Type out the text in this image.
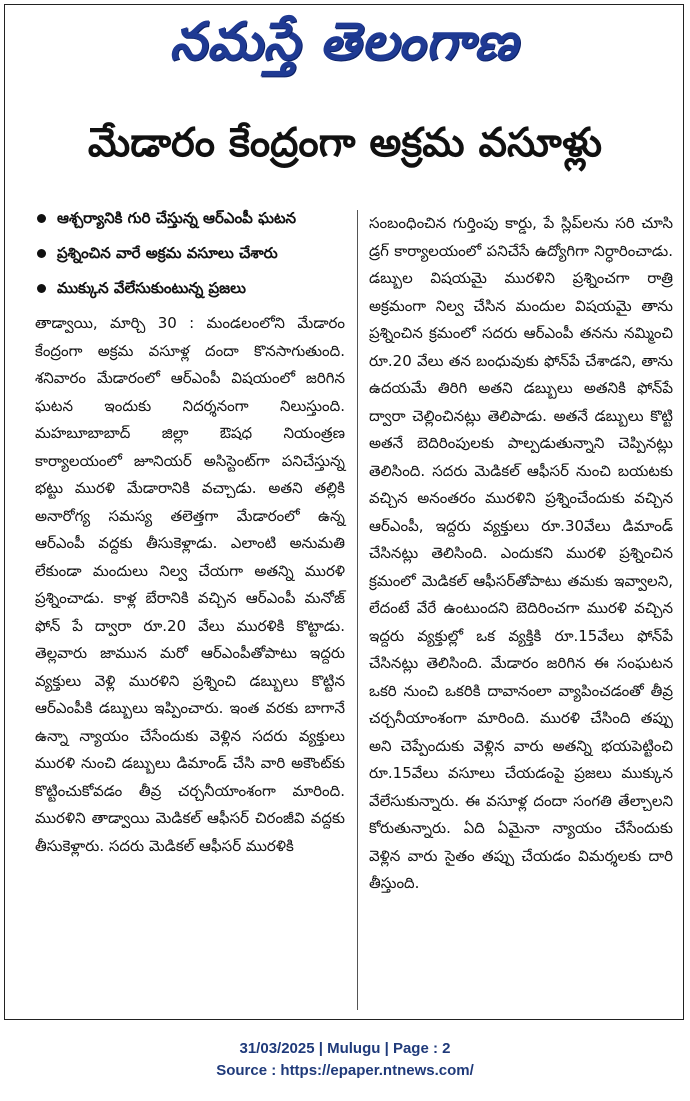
నమస్తే తెలంగాణ
మేడారం కేంద్రంగా అక్రమ వసూళ్లు
ఆశ్చర్యానికి గురి చేస్తున్న ఆర్‌ఎంపీ ఘటన
ప్రశ్నించిన వారే అక్రమ వసూలు చేశారు
ముక్కున వేలేసుకుంటున్న ప్రజలు

తాడ్వాయి, మార్చి 30 : మండలంలోని మేడారం కేంద్రంగా అక్రమ వసూళ్ల దందా కొనసాగుతుంది. శనివారం మేడారంలో ఆర్‌ఎంపీ విషయంలో జరిగిన ఘటన ఇందుకు నిదర్శనంగా నిలుస్తుంది. మహబూబాబాద్ జిల్లా ఔషధ నియంత్రణ కార్యాలయంలో జూనియర్ అసిస్టెంట్‌గా పనిచేస్తున్న భట్టు మురళి మేడారానికి వచ్చాడు. అతని తల్లికి అనారోగ్య సమస్య తలెత్తగా మేడారంలో ఉన్న ఆర్‌ఎంపీ వద్దకు తీసుకెళ్లాడు. ఎలాంటి అనుమతి లేకుండా మందులు నిల్వ చేయగా అతన్ని మురళి ప్రశ్నించాడు. కాళ్ల బేరానికి వచ్చిన ఆర్‌ఎంపీ మనోజ్ ఫోన్ పే ద్వారా రూ.20 వేలు మురళికి కొట్టాడు. తెల్లవారు జామున మరో ఆర్‌ఎంపీతోపాటు ఇద్దరు వ్యక్తులు వెళ్లి మురళిని ప్రశ్నించి డబ్బులు కొట్టిన ఆర్‌ఎంపీకి డబ్బులు ఇప్పించారు. ఇంత వరకు బాగానే ఉన్నా న్యాయం చేసేందుకు వెళ్లిన సదరు వ్యక్తులు మురళి నుంచి డబ్బులు డిమాండ్ చేసి వారి అకౌంట్‌కు కొట్టించుకోవడం తీవ్ర చర్చనీయాంశంగా మారింది. మురళిని తాడ్వాయి మెడికల్ ఆఫీసర్ చిరంజీవి వద్దకు తీసుకెళ్లారు. సదరు మెడికల్ ఆఫీసర్ మురళికి

సంబంధించిన గుర్తింపు కార్డు, పే స్లిప్‌లను సరి చూసి డ్రగ్ కార్యాలయంలో పనిచేసే ఉద్యోగిగా నిర్ధారించాడు. డబ్బుల విషయమై మురళిని ప్రశ్నించగా రాత్రి అక్రమంగా నిల్వ చేసిన మందుల విషయమై తాను ప్రశ్నించిన క్రమంలో సదరు ఆర్‌ఎంపీ తనను నమ్మించి రూ.20 వేలు తన బంధువుకు ఫోన్‌పే చేశాడని, తాను ఉదయమే తిరిగి అతని డబ్బులు అతనికి ఫోన్‌పే ద్వారా చెల్లించినట్లు తెలిపాడు. అతనే డబ్బులు కొట్టి అతనే బెదిరింపులకు పాల్పడుతున్నాని చెప్పినట్లు తెలిసింది. సదరు మెడికల్ ఆఫీసర్ నుంచి బయటకు వచ్చిన అనంతరం మురళిని ప్రశ్నించేందుకు వచ్చిన ఆర్‌ఎంపీ, ఇద్దరు వ్యక్తులు రూ.30వేలు డిమాండ్ చేసినట్లు తెలిసింది. ఎందుకని మురళి ప్రశ్నించిన క్రమంలో మెడికల్ ఆఫీసర్‌తోపాటు తమకు ఇవ్వాలని, లేదంటే వేరే ఉంటుందని బెదిరించగా మురళి వచ్చిన ఇద్దరు వ్యక్తుల్లో ఒక వ్యక్తికి రూ.15వేలు ఫోన్‌పే చేసినట్లు తెలిసింది. మేడారం జరిగిన ఈ సంఘటన ఒకరి నుంచి ఒకరికి దావానంలా వ్యాపించడంతో తీవ్ర చర్చనీయాంశంగా మారింది. మురళి చేసింది తప్పు అని చెప్పేందుకు వెళ్లిన వారు అతన్ని భయపెట్టించి రూ.15వేలు వసూలు చేయడంపై ప్రజలు ముక్కున వేలేసుకున్నారు. ఈ వసూళ్ల దందా సంగతి తేల్చాలని కోరుతున్నారు. ఏది ఏమైనా న్యాయం చేసేందుకు వెళ్లిన వారు సైతం తప్పు చేయడం విమర్శలకు దారి తీస్తుంది.

31/03/2025 | Mulugu | Page : 2
Source : https://epaper.ntnews.com/
